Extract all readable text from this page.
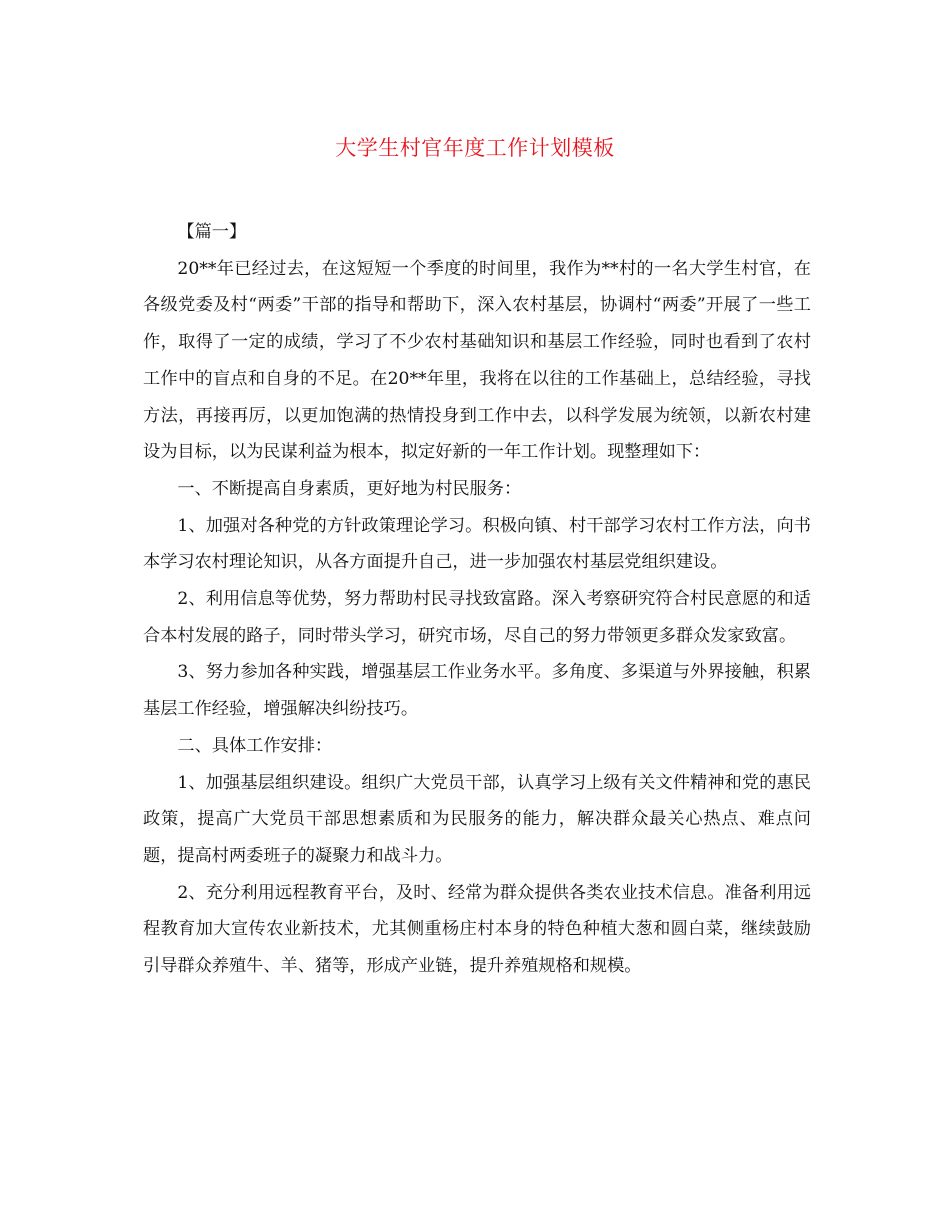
大学生村官年度工作计划模板

【篇一】

20**年已经过去，在这短短一个季度的时间里，我作为**村的一名大学生村官，在各级党委及村“两委”干部的指导和帮助下，深入农村基层，协调村“两委”开展了一些工作，取得了一定的成绩，学习了不少农村基础知识和基层工作经验，同时也看到了农村工作中的盲点和自身的不足。在20**年里，我将在以往的工作基础上，总结经验，寻找方法，再接再厉，以更加饱满的热情投身到工作中去，以科学发展为统领，以新农村建设为目标，以为民谋利益为根本，拟定好新的一年工作计划。现整理如下：

一、不断提高自身素质，更好地为村民服务：

1、加强对各种党的方针政策理论学习。积极向镇、村干部学习农村工作方法，向书本学习农村理论知识，从各方面提升自己，进一步加强农村基层党组织建设。

2、利用信息等优势，努力帮助村民寻找致富路。深入考察研究符合村民意愿的和适合本村发展的路子，同时带头学习，研究市场，尽自己的努力带领更多群众发家致富。

3、努力参加各种实践，增强基层工作业务水平。多角度、多渠道与外界接触，积累基层工作经验，增强解决纠纷技巧。

二、具体工作安排：

1、加强基层组织建设。组织广大党员干部，认真学习上级有关文件精神和党的惠民政策，提高广大党员干部思想素质和为民服务的能力，解决群众最关心热点、难点问题，提高村两委班子的凝聚力和战斗力。

2、充分利用远程教育平台，及时、经常为群众提供各类农业技术信息。准备利用远程教育加大宣传农业新技术，尤其侧重杨庄村本身的特色种植大葱和圆白菜，继续鼓励引导群众养殖牛、羊、猪等，形成产业链，提升养殖规格和规模。
